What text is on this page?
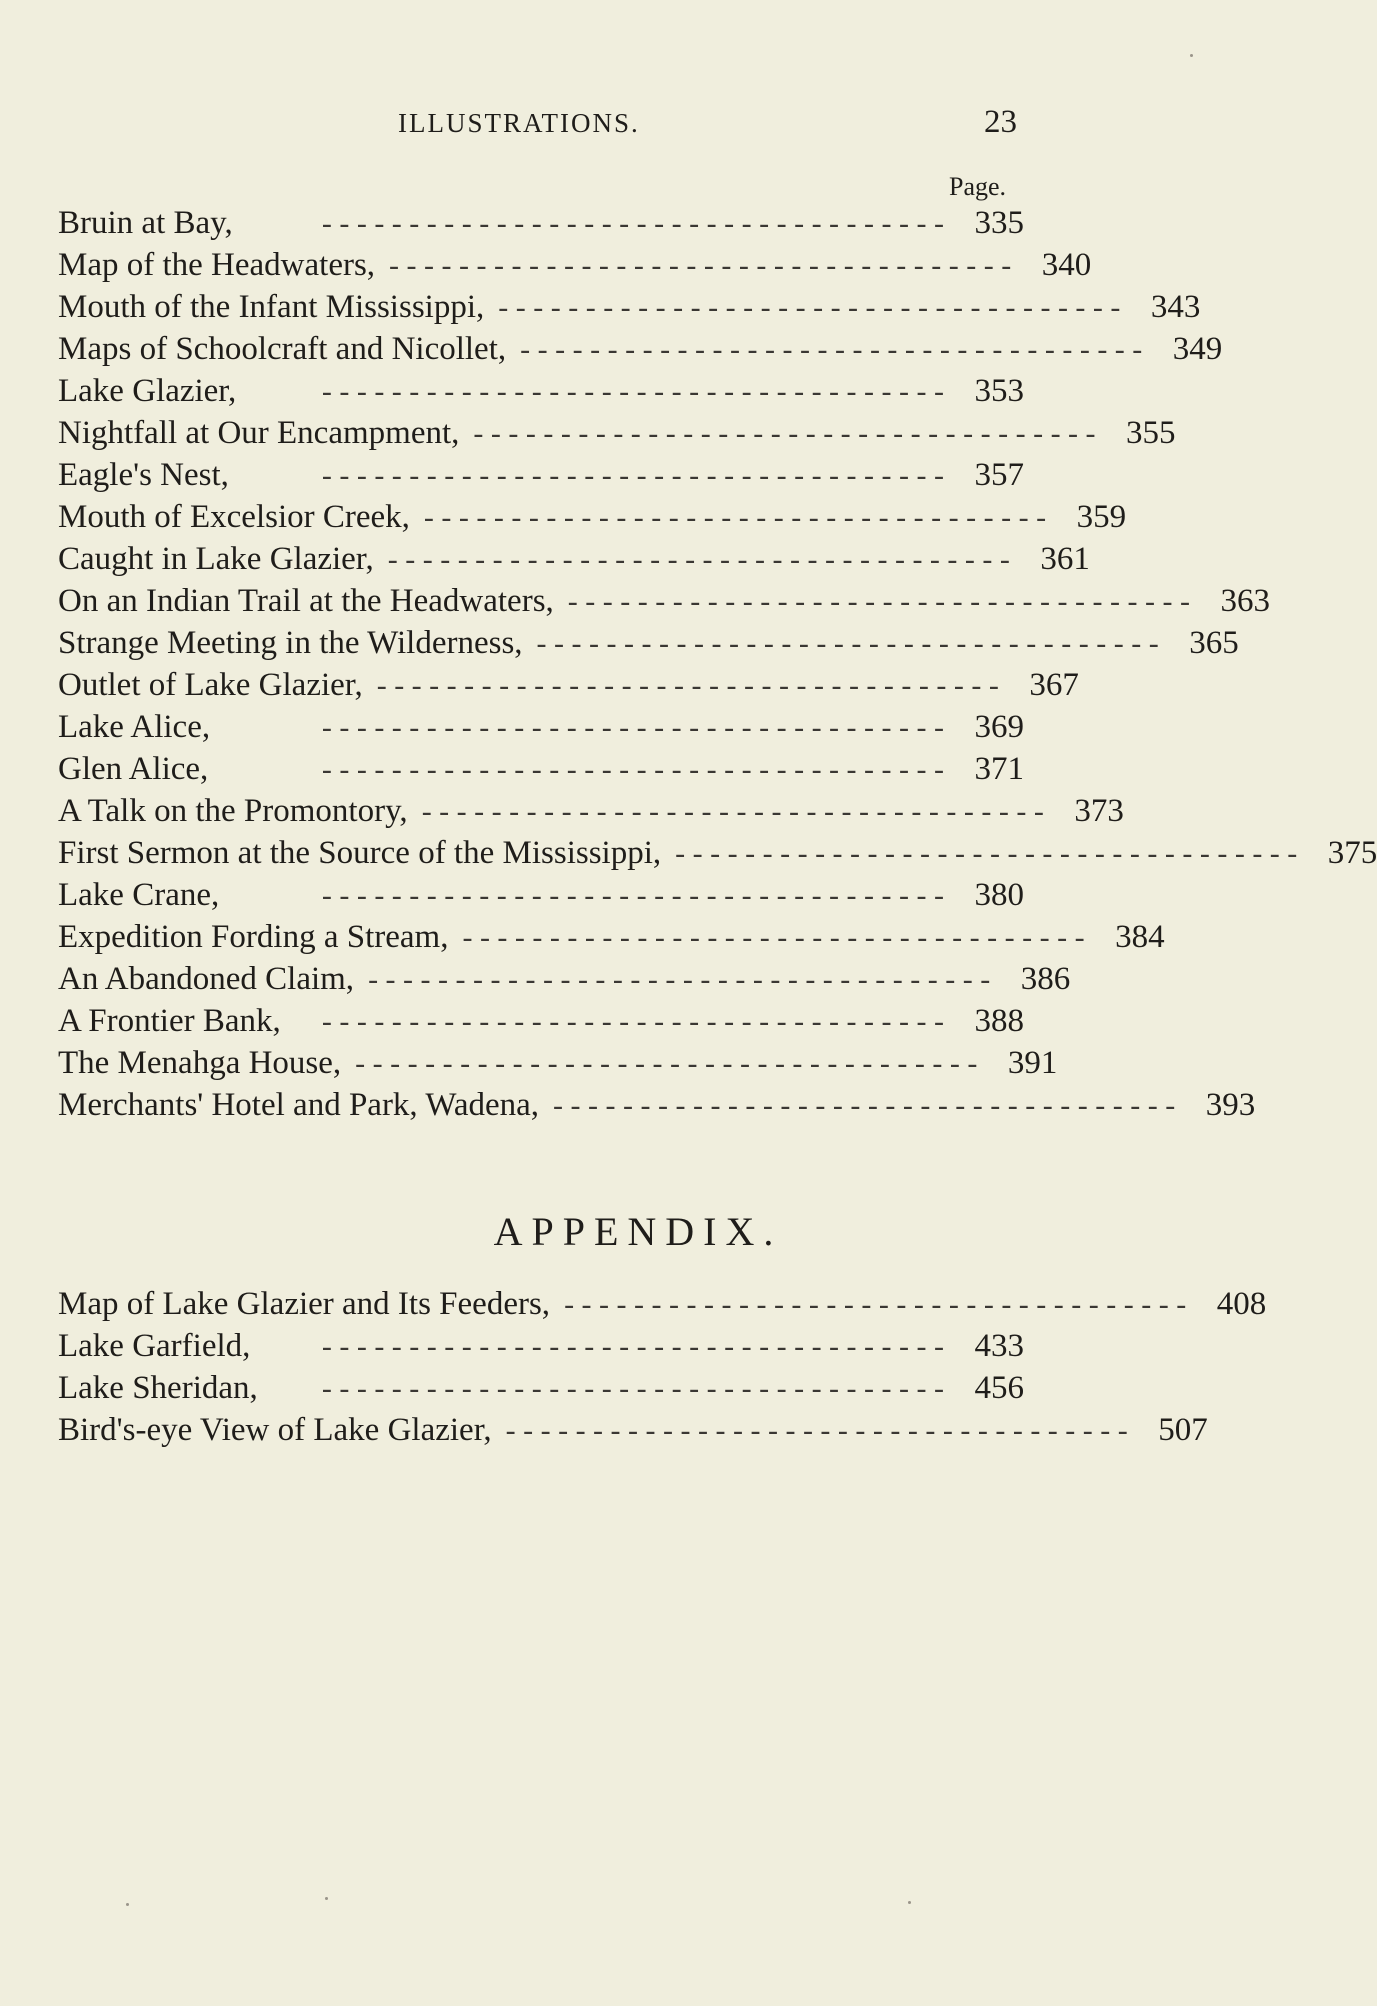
ILLUSTRATIONS.	23
Page.
Bruin at Bay,	- - - - - - - - - - - - - - - - - - - - - - - - - - - - - - - - - - - - 335
Map of the Headwaters, - - - - - - - - - - - - - - - - - - - - - - - - - - - - - - - - - - - - 340
Mouth of the Infant Mississippi, - - - - - - - - - - - - - - - - - - - - - - - - - - - - - - - - - - - - 343
Maps of Schoolcraft and Nicollet, - - - - - - - - - - - - - - - - - - - - - - - - - - - - - - - - - - - - 349
Lake Glazier,	- - - - - - - - - - - - - - - - - - - - - - - - - - - - - - - - - - - - 353
Nightfall at Our Encampment, - - - - - - - - - - - - - - - - - - - - - - - - - - - - - - - - - - - - 355
Eagle's Nest,	- - - - - - - - - - - - - - - - - - - - - - - - - - - - - - - - - - - - 357
Mouth of Excelsior Creek, - - - - - - - - - - - - - - - - - - - - - - - - - - - - - - - - - - - - 359
Caught in Lake Glazier, - - - - - - - - - - - - - - - - - - - - - - - - - - - - - - - - - - - - 361
On an Indian Trail at the Headwaters, - - - - - - - - - - - - - - - - - - - - - - - - - - - - - - - - - - - - 363
Strange Meeting in the Wilderness, - - - - - - - - - - - - - - - - - - - - - - - - - - - - - - - - - - - - 365
Outlet of Lake Glazier, - - - - - - - - - - - - - - - - - - - - - - - - - - - - - - - - - - - - 367
Lake Alice,	- - - - - - - - - - - - - - - - - - - - - - - - - - - - - - - - - - - - 369
Glen Alice,	- - - - - - - - - - - - - - - - - - - - - - - - - - - - - - - - - - - - 371
A Talk on the Promontory, - - - - - - - - - - - - - - - - - - - - - - - - - - - - - - - - - - - - 373
First Sermon at the Source of the Mississippi, - - - - - - - - - - - - - - - - - - - - - - - - - - - - - - - - - - - - 375
Lake Crane,	- - - - - - - - - - - - - - - - - - - - - - - - - - - - - - - - - - - - 380
Expedition Fording a Stream, - - - - - - - - - - - - - - - - - - - - - - - - - - - - - - - - - - - - 384
An Abandoned Claim, - - - - - - - - - - - - - - - - - - - - - - - - - - - - - - - - - - - - 386
A Frontier Bank,	- - - - - - - - - - - - - - - - - - - - - - - - - - - - - - - - - - - - 388
The Menahga House, - - - - - - - - - - - - - - - - - - - - - - - - - - - - - - - - - - - - 391
Merchants' Hotel and Park, Wadena, - - - - - - - - - - - - - - - - - - - - - - - - - - - - - - - - - - - - 393
APPENDIX.
Map of Lake Glazier and Its Feeders, - - - - - - - - - - - - - - - - - - - - - - - - - - - - - - - - - - - - 408
Lake Garfield,	- - - - - - - - - - - - - - - - - - - - - - - - - - - - - - - - - - - - 433
Lake Sheridan,	- - - - - - - - - - - - - - - - - - - - - - - - - - - - - - - - - - - - 456
Bird's-eye View of Lake Glazier, - - - - - - - - - - - - - - - - - - - - - - - - - - - - - - - - - - - - 507
